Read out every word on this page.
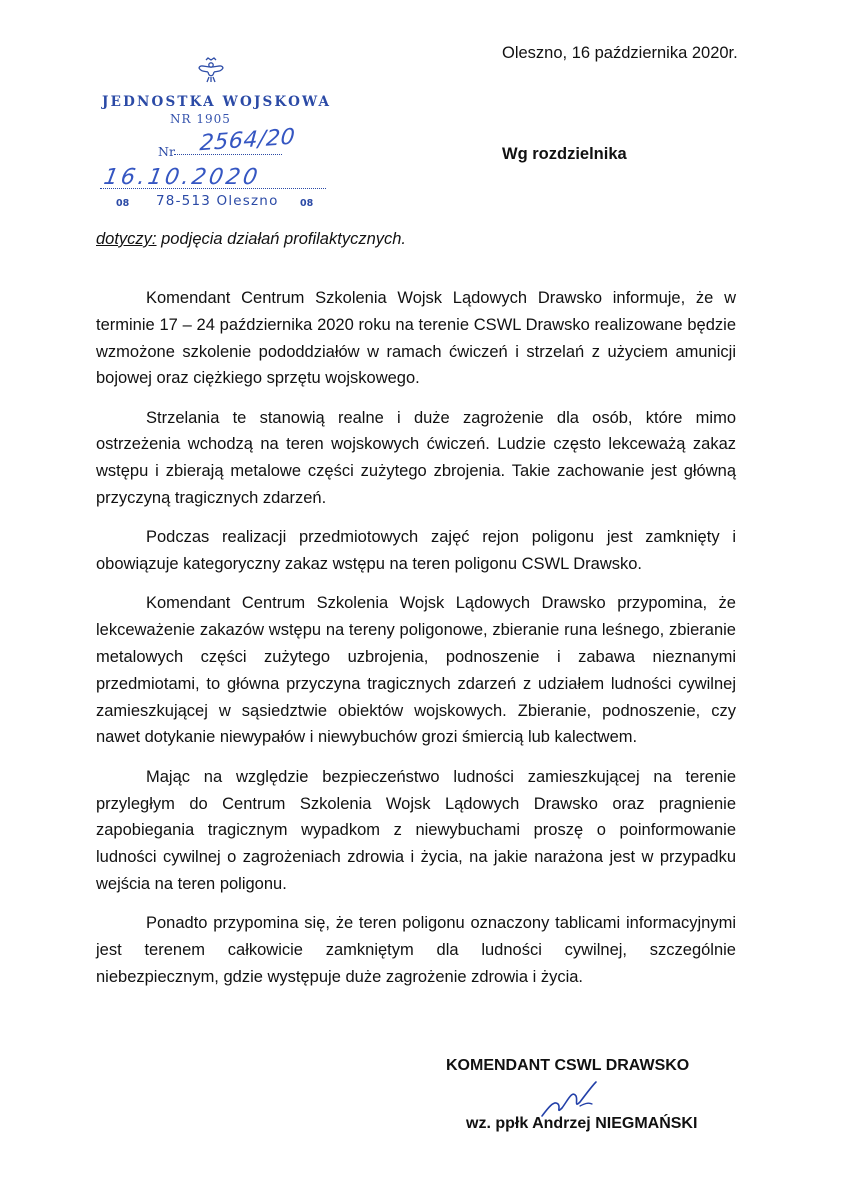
Oleszno, 16 października 2020r.
JEDNOSTKA WOJSKOWA
NR 1905
Nr 2564/20
16.10.2020
08 78-513 Oleszno 08
Wg rozdzielnika
dotyczy: podjęcia działań profilaktycznych.

Komendant Centrum Szkolenia Wojsk Lądowych Drawsko informuje, że w terminie 17 – 24 października 2020 roku na terenie CSWL Drawsko realizowane będzie wzmożone szkolenie pododdziałów w ramach ćwiczeń i strzelań z użyciem amunicji bojowej oraz ciężkiego sprzętu wojskowego.

Strzelania te stanowią realne i duże zagrożenie dla osób, które mimo ostrzeżenia wchodzą na teren wojskowych ćwiczeń. Ludzie często lekceważą zakaz wstępu i zbierają metalowe części zużytego zbrojenia. Takie zachowanie jest główną przyczyną tragicznych zdarzeń.

Podczas realizacji przedmiotowych zajęć rejon poligonu jest zamknięty i obowiązuje kategoryczny zakaz wstępu na teren poligonu CSWL Drawsko.

Komendant Centrum Szkolenia Wojsk Lądowych Drawsko przypomina, że lekceważenie zakazów wstępu na tereny poligonowe, zbieranie runa leśnego, zbieranie metalowych części zużytego uzbrojenia, podnoszenie i zabawa nieznanymi przedmiotami, to główna przyczyna tragicznych zdarzeń z udziałem ludności cywilnej zamieszkującej w sąsiedztwie obiektów wojskowych. Zbieranie, podnoszenie, czy nawet dotykanie niewypałów i niewybuchów grozi śmiercią lub kalectwem.

Mając na względzie bezpieczeństwo ludności zamieszkującej na terenie przyległym do Centrum Szkolenia Wojsk Lądowych Drawsko oraz pragnienie zapobiegania tragicznym wypadkom z niewybuchami proszę o poinformowanie ludności cywilnej o zagrożeniach zdrowia i życia, na jakie narażona jest w przypadku wejścia na teren poligonu.

Ponadto przypomina się, że teren poligonu oznaczony tablicami informacyjnymi jest terenem całkowicie zamkniętym dla ludności cywilnej, szczególnie niebezpiecznym, gdzie występuje duże zagrożenie zdrowia i życia.

KOMENDANT CSWL DRAWSKO
wz. ppłk Andrzej NIEGMAŃSKI
